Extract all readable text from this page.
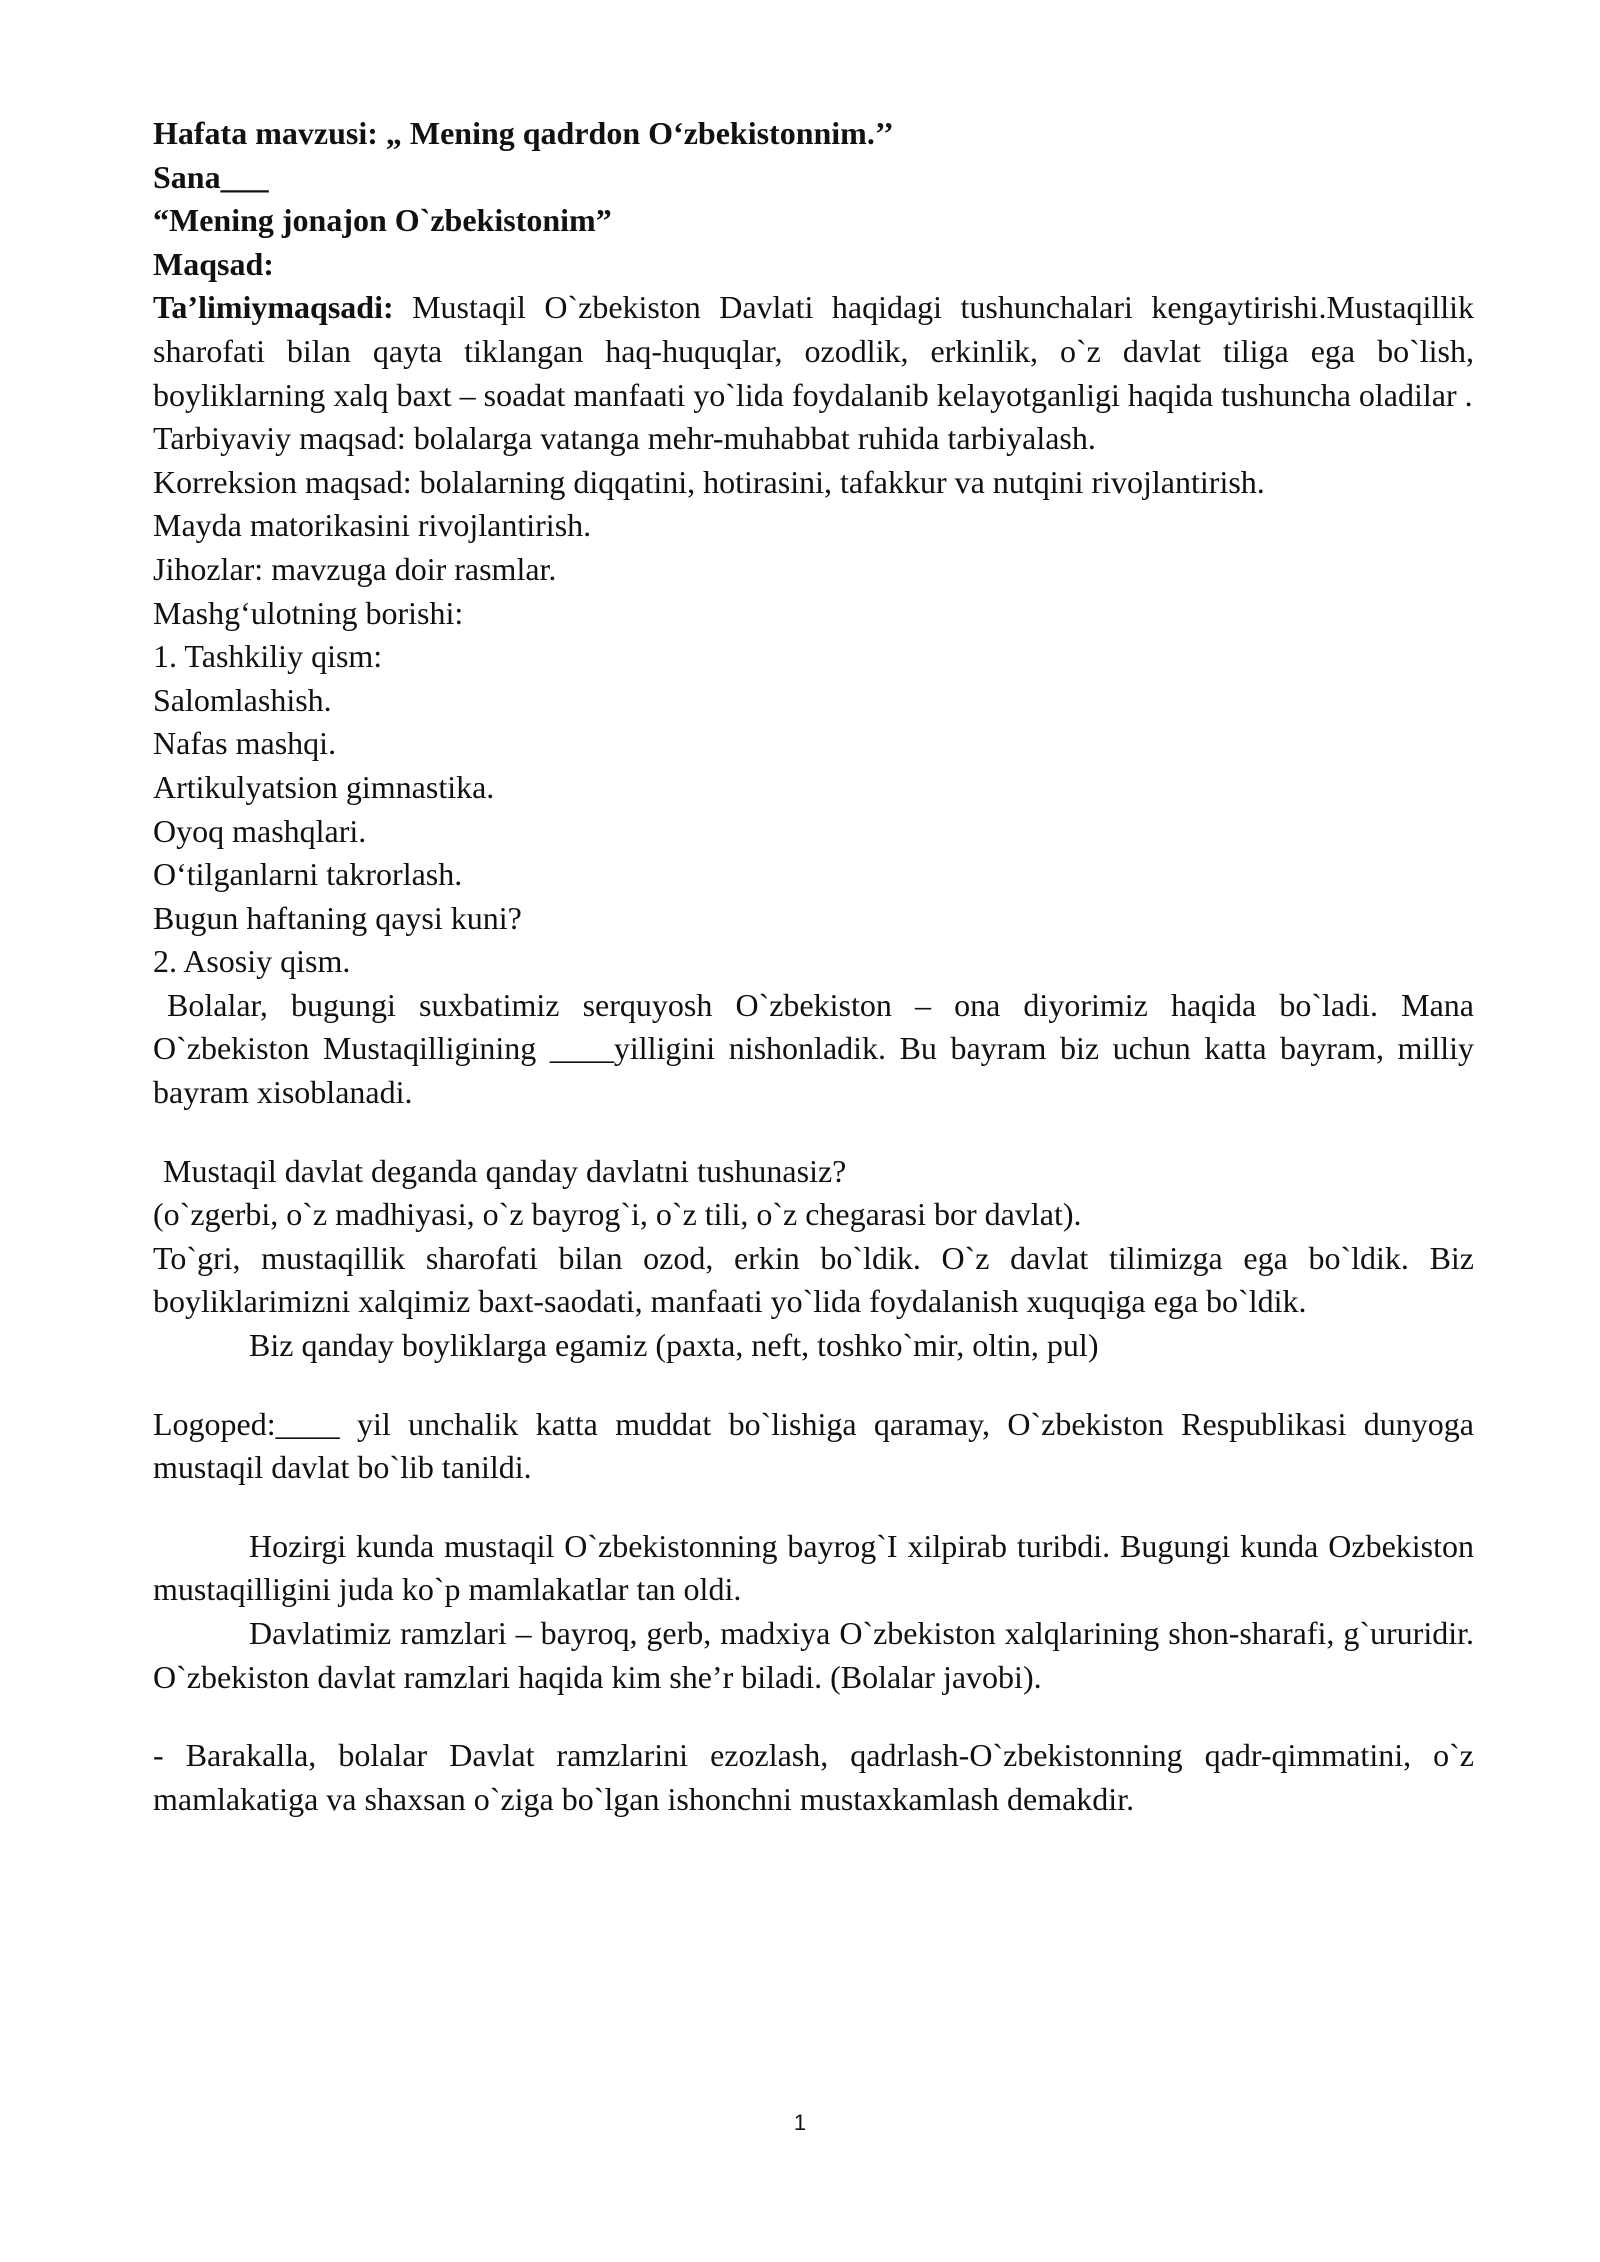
Hafata mavzusi: „ Mening qadrdon O‘zbekistonnim.’’
Sana___
“Mening jonajon O`zbekistonim”
Maqsad:
Ta’limiymaqsadi: Mustaqil O`zbekiston Davlati haqidagi tushunchalari kengaytirishi.Mustaqillik sharofati bilan qayta tiklangan haq-huquqlar, ozodlik, erkinlik, o`z davlat tiliga ega bo`lish, boyliklarning xalq baxt – soadat manfaati yo`lida foydalanib kelayotganligi haqida tushuncha oladilar .
Tarbiyaviy maqsad: bolalarga vatanga mehr-muhabbat ruhida tarbiyalash.
Korreksion maqsad: bolalarning diqqatini, hotirasini, tafakkur va nutqini rivojlantirish.
Mayda matorikasini rivojlantirish.
Jihozlar: mavzuga doir rasmlar.
Mashg‘ulotning borishi:
1. Tashkiliy qism:
Salomlashish.
Nafas mashqi.
Artikulyatsion gimnastika.
Oyoq mashqlari.
O‘tilganlarni takrorlash.
Bugun haftaning qaysi kuni?
2. Asosiy qism.
Bolalar, bugungi suxbatimiz serquyosh O`zbekiston – ona diyorimiz haqida bo`ladi. Mana O`zbekiston Mustaqilligining ____yilligini nishonladik. Bu bayram biz uchun katta bayram, milliy bayram xisoblanadi.
Mustaqil davlat deganda qanday davlatni tushunasiz?
(o`zgerbi, o`z madhiyasi, o`z bayrog`i, o`z tili, o`z chegarasi bor davlat).
To`gri, mustaqillik sharofati bilan ozod, erkin bo`ldik. O`z davlat tilimizga ega bo`ldik. Biz boyliklarimizni xalqimiz baxt-saodati, manfaati yo`lida foydalanish xuquqiga ega bo`ldik.
Biz qanday boyliklarga egamiz (paxta, neft, toshko`mir, oltin, pul)
Logoped:____ yil unchalik katta muddat bo`lishiga qaramay, O`zbekiston Respublikasi dunyoga mustaqil davlat bo`lib tanildi.
Hozirgi kunda mustaqil O`zbekistonning bayrog`I xilpirab turibdi. Bugungi kunda Ozbekiston mustaqilligini juda ko`p mamlakatlar tan oldi.
Davlatimiz ramzlari – bayroq, gerb, madxiya O`zbekiston xalqlarining shon-sharafi, g`ururidir. O`zbekiston davlat ramzlari haqida kim she’r biladi. (Bolalar javobi).
- Barakalla, bolalar Davlat ramzlarini ezozlash, qadrlash-O`zbekistonning qadr-qimmatini, o`z mamlakatiga va shaxsan o`ziga bo`lgan ishonchni mustaxkamlash demakdir.
1
